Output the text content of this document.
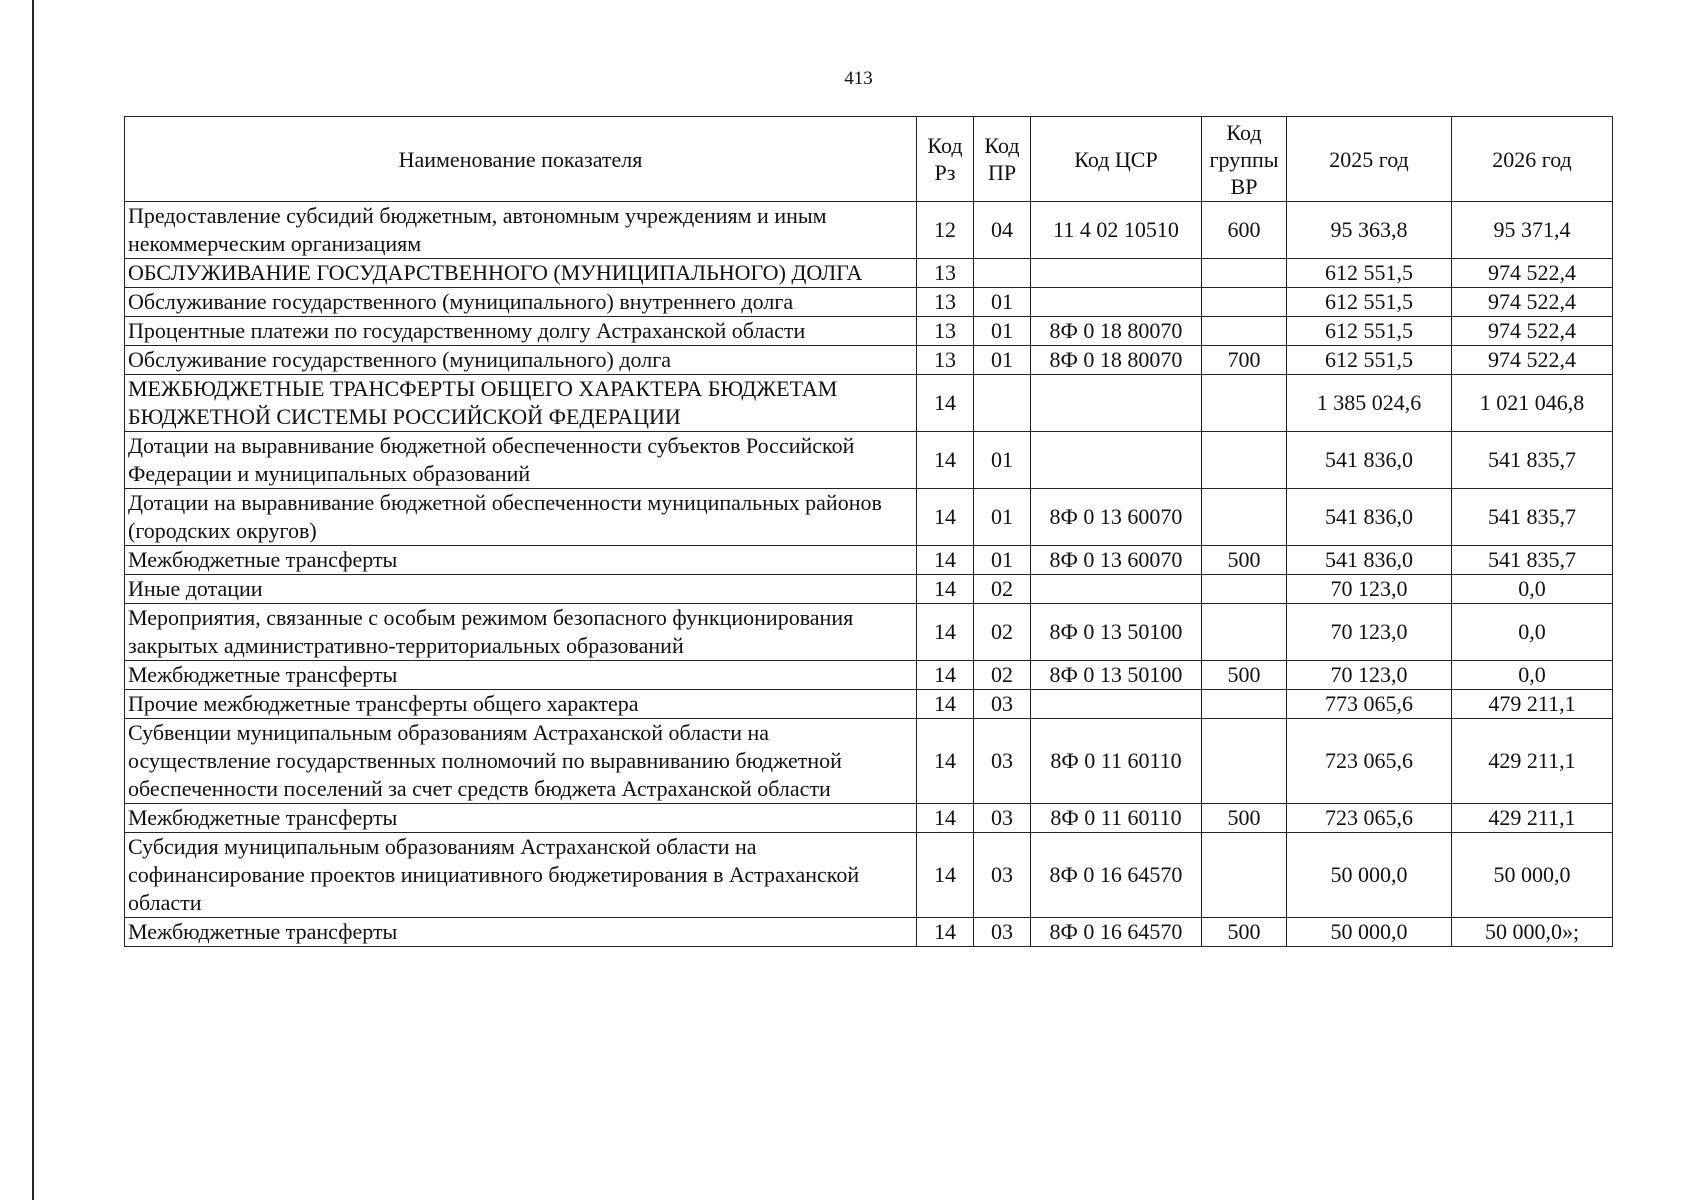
413
Наименование показателя	Код Рз	Код ПР	Код ЦСР	Код группы ВР	2025 год	2026 год
Предоставление субсидий бюджетным, автономным учреждениям и иным некоммерческим организациям	12	04	11 4 02 10510	600	95 363,8	95 371,4
ОБСЛУЖИВАНИЕ ГОСУДАРСТВЕННОГО (МУНИЦИПАЛЬНОГО) ДОЛГА	13				612 551,5	974 522,4
Обслуживание государственного (муниципального) внутреннего долга	13	01			612 551,5	974 522,4
Процентные платежи по государственному долгу Астраханской области	13	01	8Ф 0 18 80070		612 551,5	974 522,4
Обслуживание государственного (муниципального) долга	13	01	8Ф 0 18 80070	700	612 551,5	974 522,4
МЕЖБЮДЖЕТНЫЕ ТРАНСФЕРТЫ ОБЩЕГО ХАРАКТЕРА БЮДЖЕТАМ БЮДЖЕТНОЙ СИСТЕМЫ РОССИЙСКОЙ ФЕДЕРАЦИИ	14				1 385 024,6	1 021 046,8
Дотации на выравнивание бюджетной обеспеченности субъектов Российской Федерации и муниципальных образований	14	01			541 836,0	541 835,7
Дотации на выравнивание бюджетной обеспеченности муниципальных районов (городских округов)	14	01	8Ф 0 13 60070		541 836,0	541 835,7
Межбюджетные трансферты	14	01	8Ф 0 13 60070	500	541 836,0	541 835,7
Иные дотации	14	02			70 123,0	0,0
Мероприятия, связанные с особым режимом безопасного функционирования закрытых административно-территориальных образований	14	02	8Ф 0 13 50100		70 123,0	0,0
Межбюджетные трансферты	14	02	8Ф 0 13 50100	500	70 123,0	0,0
Прочие межбюджетные трансферты общего характера	14	03			773 065,6	479 211,1
Субвенции муниципальным образованиям Астраханской области на осуществление государственных полномочий по выравниванию бюджетной обеспеченности поселений за счет средств бюджета Астраханской области	14	03	8Ф 0 11 60110		723 065,6	429 211,1
Межбюджетные трансферты	14	03	8Ф 0 11 60110	500	723 065,6	429 211,1
Субсидия муниципальным образованиям Астраханской области на софинансирование проектов инициативного бюджетирования в Астраханской области	14	03	8Ф 0 16 64570		50 000,0	50 000,0
Межбюджетные трансферты	14	03	8Ф 0 16 64570	500	50 000,0	50 000,0»;
